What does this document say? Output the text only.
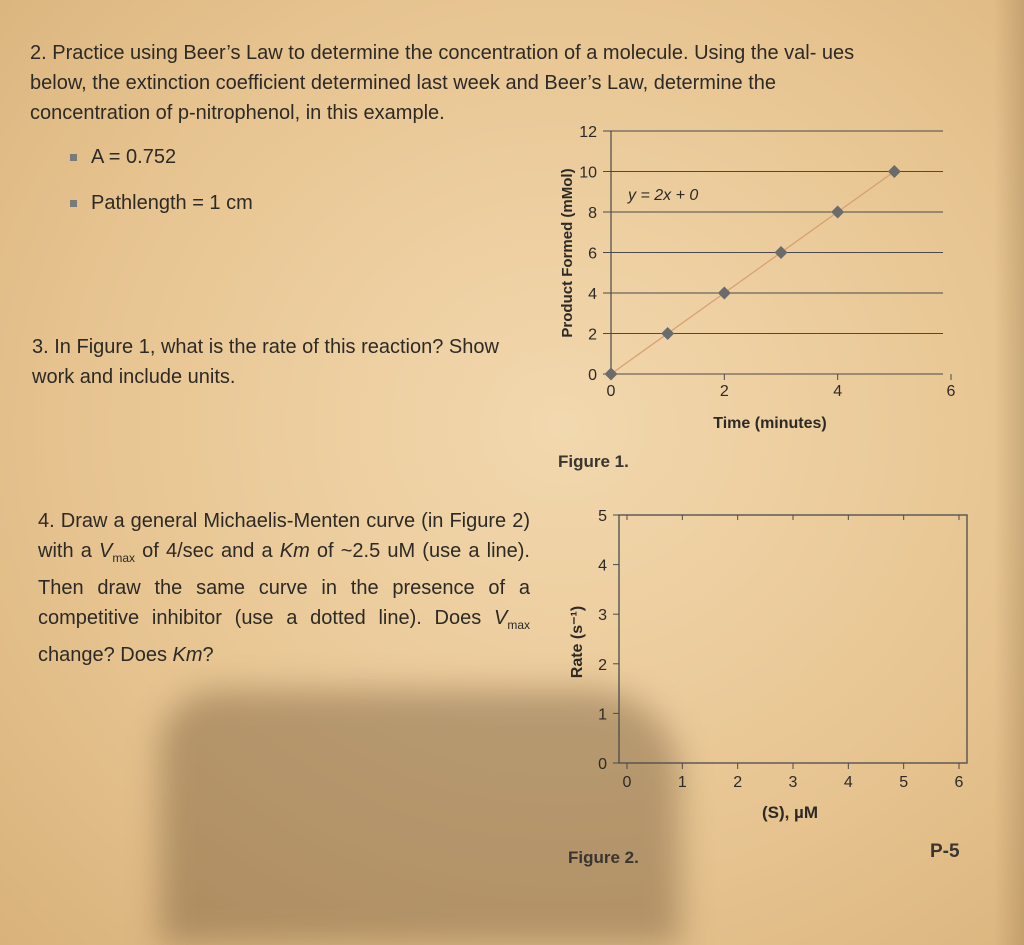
2. Practice using Beer’s Law to determine the concentration of a molecule. Using the val- ues below, the extinction coefficient determined last week and Beer’s Law, determine the concentration of p-nitrophenol, in this example.
A = 0.752
Pathlength = 1 cm
3. In Figure 1, what is the rate of this reaction? Show work and include units.
4. Draw a general Michaelis-Menten curve (in Figure 2) with a $V_{max}$ of 4/sec and a Km of ~2.5 uM (use a line). Then draw the same curve in the presence of a competitive inhibitor (use a dotted line). Does $V_{max}$ change? Does Km?
0
2
4
6
8
10
12
0	2	4	6
y = 2x + 0
Time (minutes)
Product Formed (mMol)
0
1
2
3
4
5
0	1	2	3	4	5	6
(S), µM
Rate (s⁻¹)
Figure 1.
Figure 2.	P-5
